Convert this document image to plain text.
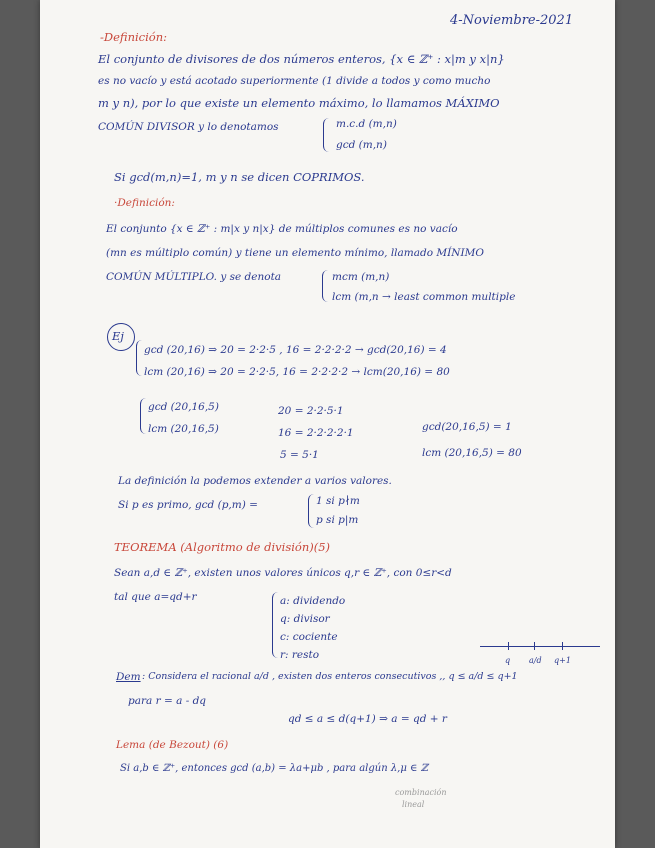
4-Noviembre-2021
-Definición:
El conjunto de divisores de dos números enteros, {x ∈ ℤ⁺ : x|m y x|n}
es no vacío y está acotado superiormente (1 divide a todos y como mucho
m y n), por lo que existe un elemento máximo, lo llamamos MÁXIMO
COMÚN DIVISOR y lo denotamos	m.c.d (m,n)
gcd (m,n)
Si gcd(m,n)=1, m y n se dicen COPRIMOS.
·Definición:
El conjunto {x ∈ ℤ⁺ : m|x y n|x} de múltiplos comunes es no vacío
(mn es múltiplo común) y tiene un elemento mínimo, llamado MÍNIMO
COMÚN MÚLTIPLO. y se denota	mcm (m,n)
lcm (m,n → least common multiple
Ej
gcd (20,16) ⇒ 20 = 2·2·5 , 16 = 2·2·2·2 → gcd(20,16) = 4
lcm (20,16) ⇒ 20 = 2·2·5, 16 = 2·2·2·2 → lcm(20,16) = 80
gcd (20,16,5)
lcm (20,16,5)
20 = 2·2·5·1
16 = 2·2·2·2·1
5 = 5·1
gcd(20,16,5) = 1
lcm (20,16,5) = 80
La definición la podemos extender a varios valores.
Si p es primo, gcd (p,m) =	1 si p∤m
p si p|m
TEOREMA (Algoritmo de división)(5)
Sean a,d ∈ ℤ⁺, existen unos valores únicos q,r ∈ ℤ⁺, con 0≤r<d
tal que a=qd+r	a: dividendo
q: divisor
c: cociente
r: resto	q a/d q+1
Dem : Considera el racional a/d , existen dos enteros consecutivos ,, q ≤ a/d ≤ q+1
para r = a - dq
qd ≤ a ≤ d(q+1) ⇒ a = qd + r
Lema (de Bezout) (6)
Si a,b ∈ ℤ⁺, entonces gcd (a,b) = λa+μb , para algún λ,μ ∈ ℤ
combinación
lineal
